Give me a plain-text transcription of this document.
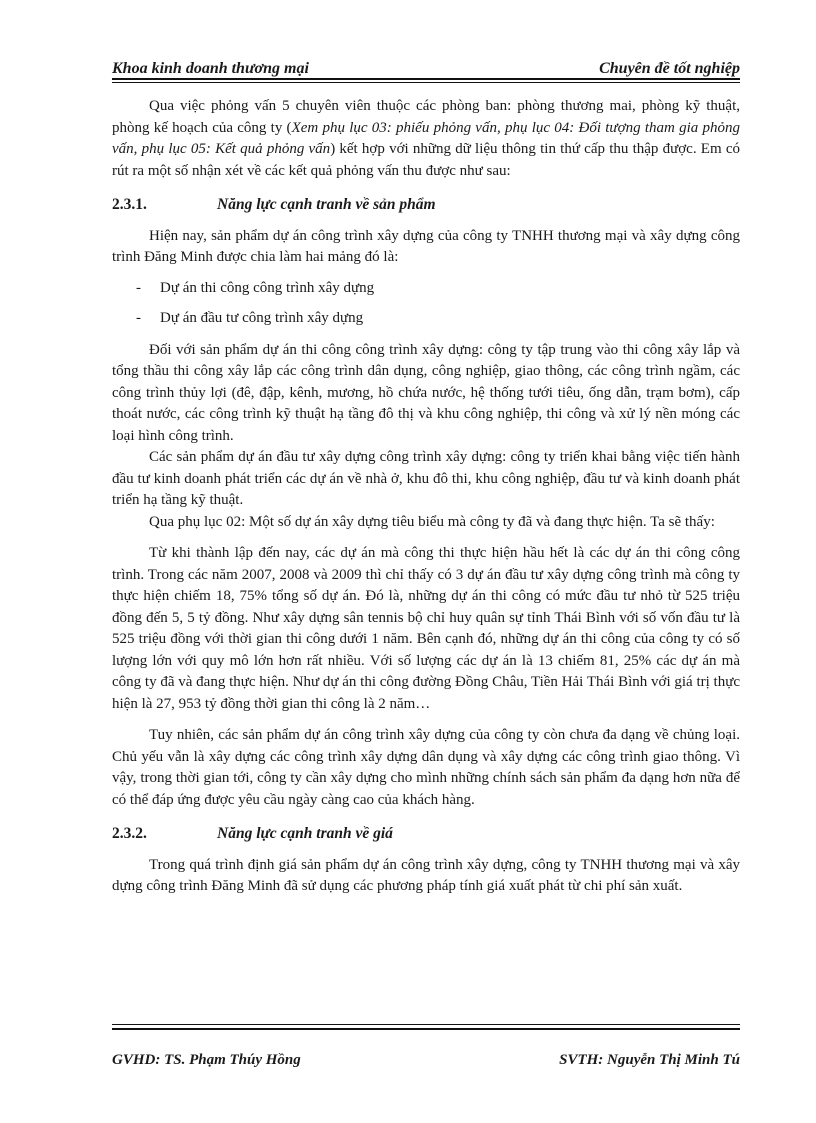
Khoa kinh doanh thương mại	Chuyên đề tốt nghiệp

Qua việc phỏng vấn 5 chuyên viên thuộc các phòng ban: phòng thương mai, phòng kỹ thuật, phòng kế hoạch của công ty (Xem phụ lục 03: phiếu phỏng vấn, phụ lục 04: Đối tượng tham gia phỏng vấn, phụ lục 05: Kết quả phỏng vấn) kết hợp với những dữ liệu thông tin thứ cấp thu thập được. Em có rút ra một số nhận xét về các kết quả phỏng vấn thu được như sau:

2.3.1.	Năng lực cạnh tranh về sản phẩm

Hiện nay, sản phẩm dự án công trình xây dựng của công ty TNHH thương mại và xây dựng công trình Đăng Minh được chia làm hai mảng đó là:

-	Dự án thi công công trình xây dựng
-	Dự án đầu tư công trình xây dựng

Đối với sản phẩm dự án thi công công trình xây dựng: công ty tập trung vào thi công xây lắp và tổng thầu thi công xây lắp các công trình dân dụng, công nghiệp, giao thông, các công trình ngầm, các công trình thủy lợi (đê, đập, kênh, mương, hồ chứa nước, hệ thống tưới tiêu, ống dẫn, trạm bơm), cấp thoát nước, các công trình kỹ thuật hạ tầng đô thị và khu công nghiệp, thi công và xử lý nền móng các loại hình công trình.

Các sản phẩm dự án đầu tư xây dựng công trình xây dựng: công ty triển khai bằng việc tiến hành đầu tư kinh doanh phát triển các dự án về nhà ở, khu đô thi, khu công nghiệp, đầu tư và kinh doanh phát triển hạ tầng kỹ thuật.

Qua phụ lục 02: Một số dự án xây dựng tiêu biểu mà công ty đã và đang thực hiện. Ta sẽ thấy:

Từ khi thành lập đến nay, các dự án mà công thi thực hiện hầu hết là các dự án thi công công trình. Trong các năm 2007, 2008 và 2009 thì chỉ thấy có 3 dự án đầu tư xây dựng công trình mà công ty thực hiện chiếm 18, 75% tổng số dự án. Đó là, những dự án thi công có mức đầu tư nhỏ từ 525 triệu đồng đến 5, 5 tỷ đồng. Như xây dựng sân tennis bộ chỉ huy quân sự tỉnh Thái Bình với số vốn đầu tư là 525 triệu đồng với thời gian thi công dưới 1 năm. Bên cạnh đó, những dự án thi công của công ty có số lượng lớn với quy mô lớn hơn rất nhiều. Với số lượng các dự án là 13 chiếm 81, 25% các dự án mà công ty đã và đang thực hiện. Như dự án thi công đường Đồng Châu, Tiền Hải Thái Bình với giá trị thực hiện là 27, 953 tỷ đồng thời gian thi công là 2 năm…

Tuy nhiên, các sản phẩm dự án công trình xây dựng của công ty còn chưa đa dạng về chủng loại. Chủ yếu vẫn là xây dựng các công trình xây dựng dân dụng và xây dựng các công trình giao thông. Vì vậy, trong thời gian tới, công ty cần xây dựng cho mình những chính sách sản phẩm đa dạng hơn nữa để có thể đáp ứng được yêu cầu ngày càng cao của khách hàng.

2.3.2.	Năng lực cạnh tranh về giá

Trong quá trình định giá sản phẩm dự án công trình xây dựng, công ty TNHH thương mại và xây dựng công trình Đăng Minh đã sử dụng các phương pháp tính giá xuất phát từ chi phí sản xuất.

GVHD: TS. Phạm Thúy Hồng	SVTH: Nguyễn Thị Minh Tú
